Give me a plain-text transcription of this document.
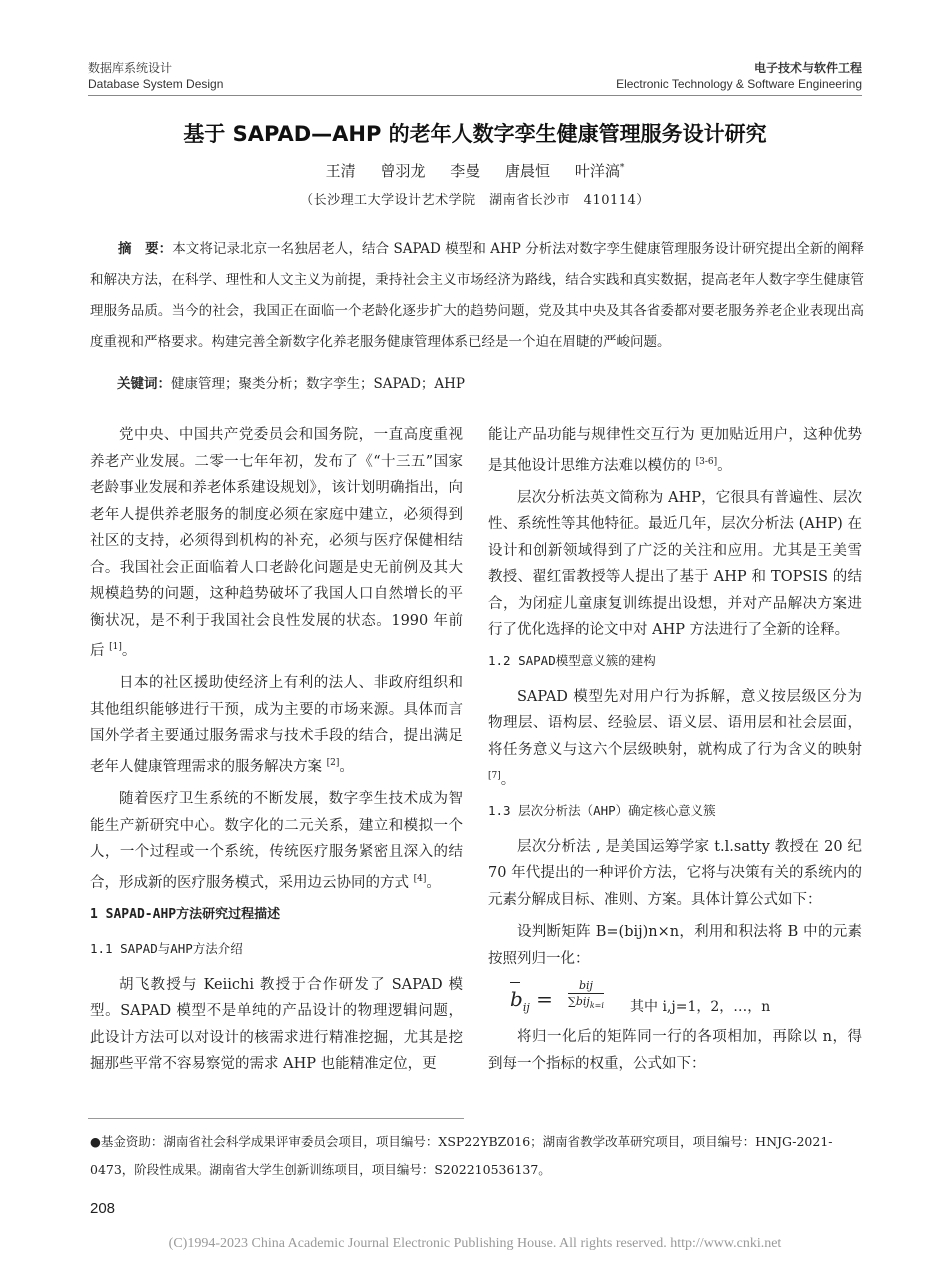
数据库系统设计
Database System Design
电子技术与软件工程
Electronic Technology & Software Engineering
基于 SAPAD—AHP 的老年人数字孪生健康管理服务设计研究
王清 曾羽龙 李曼 唐晨恒 叶洋滈*
（长沙理工大学设计艺术学院　湖南省长沙市　410114）
摘　要：本文将记录北京一名独居老人，结合 SAPAD 模型和 AHP 分析法对数字孪生健康管理服务设计研究提出全新的阐释和解决方法，在科学、理性和人文主义为前提，秉持社会主义市场经济为路线，结合实践和真实数据，提高老年人数字孪生健康管理服务品质。当今的社会，我国正在面临一个老龄化逐步扩大的趋势问题，党及其中央及其各省委都对要老服务养老企业表现出高度重视和严格要求。构建完善全新数字化养老服务健康管理体系已经是一个迫在眉睫的严峻问题。
关键词：健康管理；聚类分析；数字孪生；SAPAD；AHP

党中央、中国共产党委员会和国务院，一直高度重视养老产业发展。二零一七年年初，发布了《“十三五”国家老龄事业发展和养老体系建设规划》，该计划明确指出，向老年人提供养老服务的制度必须在家庭中建立，必须得到社区的支持，必须得到机构的补充，必须与医疗保健相结合。我国社会正面临着人口老龄化问题是史无前例及其大规模趋势的问题，这种趋势破坏了我国人口自然增长的平衡状况，是不利于我国社会良性发展的状态。1990 年前后 [1]。

日本的社区援助使经济上有利的法人、非政府组织和其他组织能够进行干预，成为主要的市场来源。具体而言国外学者主要通过服务需求与技术手段的结合，提出满足老年人健康管理需求的服务解决方案 [2]。

随着医疗卫生系统的不断发展，数字孪生技术成为智能生产新研究中心。数字化的二元关系，建立和模拟一个人，一个过程或一个系统，传统医疗服务紧密且深入的结合，形成新的医疗服务模式，采用边云协同的方式 [4]。

1 SAPAD-AHP方法研究过程描述
1.1 SAPAD与AHP方法介绍

胡飞教授与 Keiichi 教授于合作研发了 SAPAD 模型。SAPAD 模型不是单纯的产品设计的物理逻辑问题，此设计方法可以对设计的核需求进行精准挖掘，尤其是挖掘那些平常不容易察觉的需求 AHP 也能精准定位，更

能让产品功能与规律性交互行为 更加贴近用户，这种优势是其他设计思维方法难以模仿的 [3-6]。

层次分析法英文简称为 AHP，它很具有普遍性、层次性、系统性等其他特征。最近几年，层次分析法 (AHP) 在设计和创新领域得到了广泛的关注和应用。尤其是王美雪教授、翟红雷教授等人提出了基于 AHP 和 TOPSIS 的结合，为闭症儿童康复训练提出设想，并对产品解决方案进行了优化选择的论文中对 AHP 方法进行了全新的诠释。

1.2 SAPAD模型意义簇的建构

SAPAD 模型先对用户行为拆解，意义按层级区分为物理层、语构层、经验层、语义层、语用层和社会层面，将任务意义与这六个层级映射，就构成了行为含义的映射 [7]。

1.3 层次分析法（AHP）确定核心意义簇

层次分析法 , 是美国运筹学家 t.l.satty 教授在 20 纪 70 年代提出的一种评价方法，它将与决策有关的系统内的元素分解成目标、准则、方案。具体计算公式如下：

设判断矩阵 B=(bij)n×n，利用和积法将 B 中的元素按照列归一化：

$b_{ij}$ =
bij
∑bij$_{k=i}$ 其中 i,j=1，2，…，n

将归一化后的矩阵同一行的各项相加，再除以 n，得到每一个指标的权重，公式如下：

●基金资助：湖南省社会科学成果评审委员会项目，项目编号：XSP22YBZ016；湖南省教学改革研究项目，项目编号：HNJG-2021-0473，阶段性成果。湖南省大学生创新训练项目，项目编号：S202210536137。
208
(C)1994-2023 China Academic Journal Electronic Publishing House. All rights reserved. http://www.cnki.net
